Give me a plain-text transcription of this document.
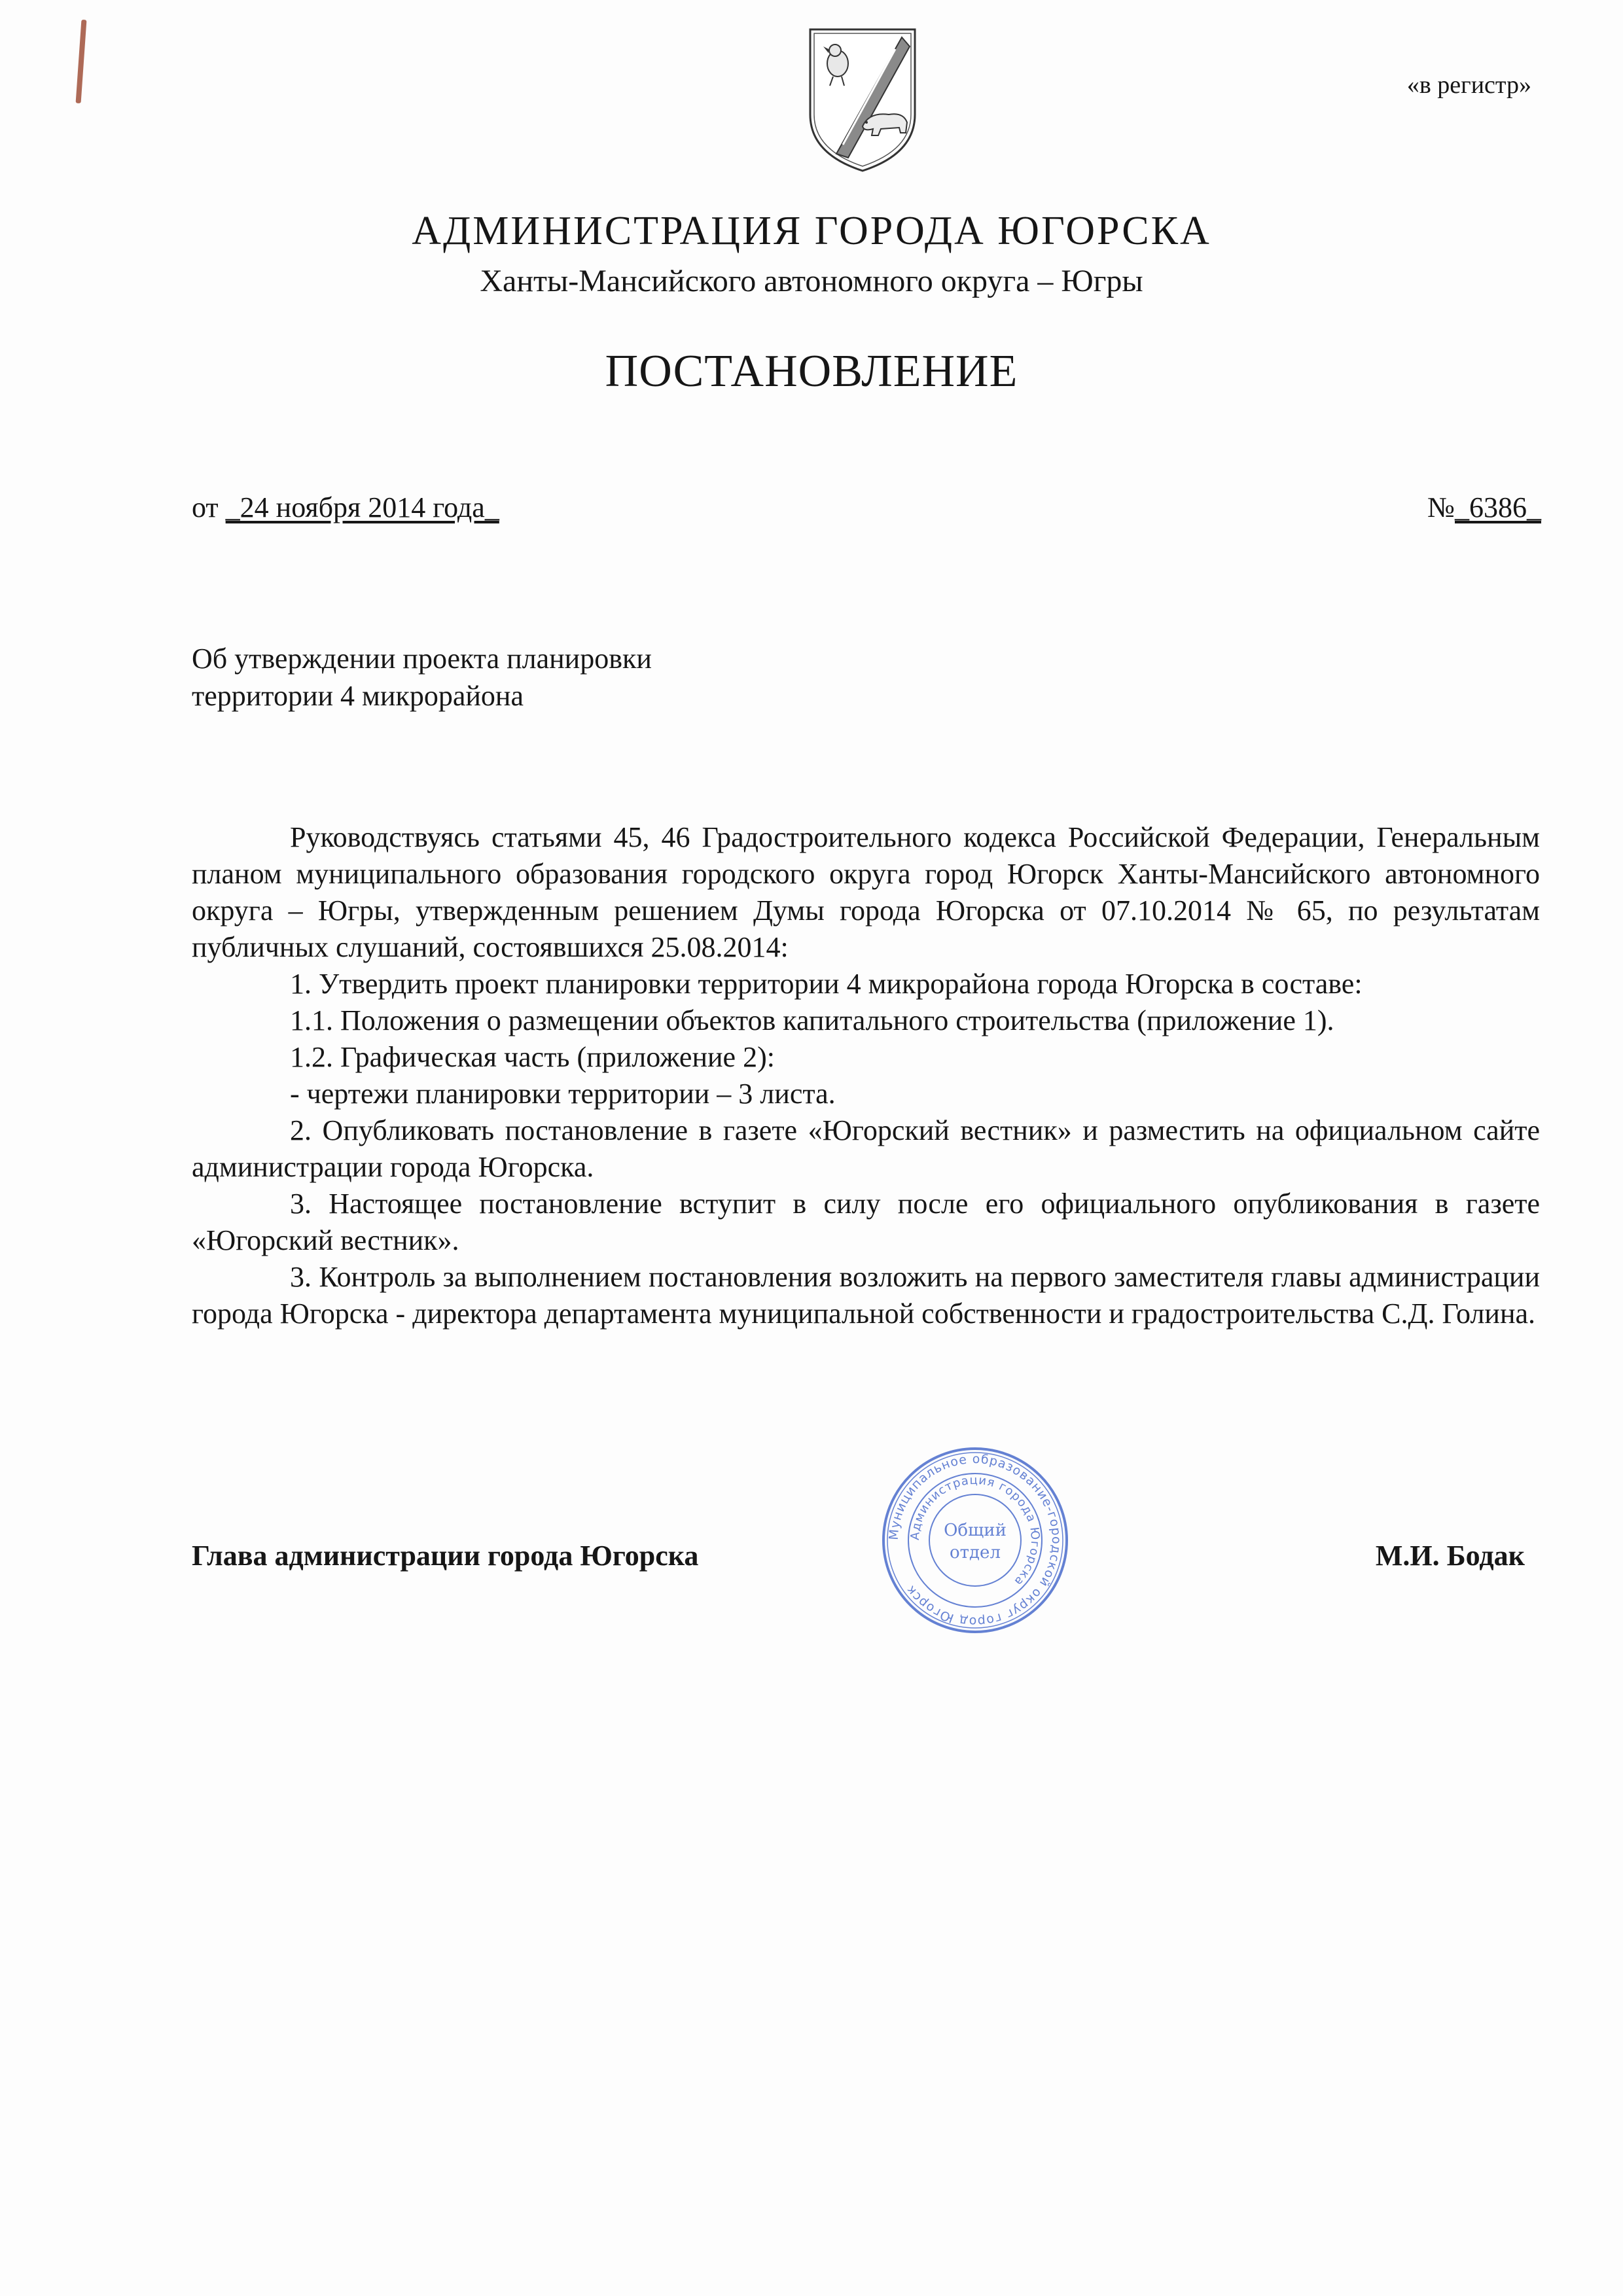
«в регистр»
АДМИНИСТРАЦИЯ ГОРОДА ЮГОРСКА
Ханты-Мансийского автономного округа – Югры
ПОСТАНОВЛЕНИЕ
от _24 ноября 2014 года_	№_6386_
Об утверждении проекта планировки
территории 4 микрорайона

Руководствуясь статьями 45, 46 Градостроительного кодекса Российской Федерации, Генеральным планом муниципального образования городского округа город Югорск Ханты-Мансийского автономного округа – Югры, утвержденным решением Думы города Югорска от 07.10.2014 № 65, по результатам публичных слушаний, состоявшихся 25.08.2014:

1. Утвердить проект планировки территории 4 микрорайона города Югорска в составе:

1.1. Положения о размещении объектов капитального строительства (приложение 1).

1.2. Графическая часть (приложение 2):

- чертежи планировки территории – 3 листа.

2. Опубликовать постановление в газете «Югорский вестник» и разместить на официальном сайте администрации города Югорска.

3. Настоящее постановление вступит в силу после его официального опубликования в газете «Югорский вестник».

3. Контроль за выполнением постановления возложить на первого заместителя главы администрации города Югорска - директора департамента муниципальной собственности и градостроительства С.Д. Голина.

Глава администрации города Югорска	М.И. Бодак
Муниципальное образование-городской округ город Югорск
Администрация города Югорска
Общий
отдел
